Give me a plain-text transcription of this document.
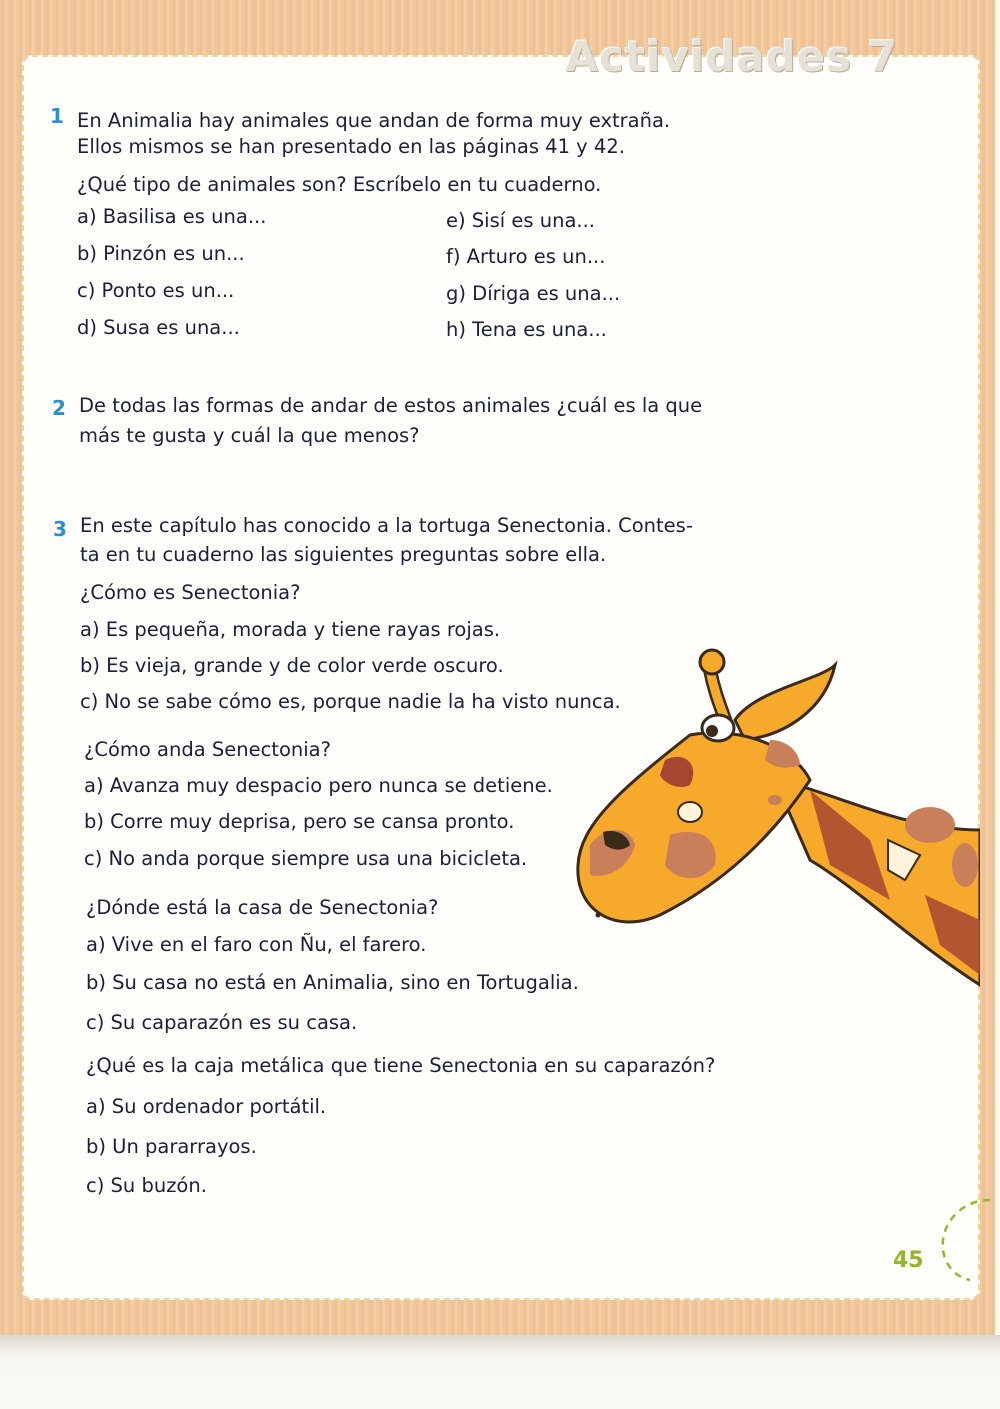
Actividades 7
1 En Animalia hay animales que andan de forma muy extraña.
Ellos mismos se han presentado en las páginas 41 y 42.
¿Qué tipo de animales son? Escríbelo en tu cuaderno.
a) Basilisa es una...
b) Pinzón es un...
c) Ponto es un...
d) Susa es una...
e) Sisí es una...
f) Arturo es un...
g) Díriga es una...
h) Tena es una...
2 De todas las formas de andar de estos animales ¿cuál es la que
más te gusta y cuál la que menos?
3 En este capítulo has conocido a la tortuga Senectonia. Contes-
ta en tu cuaderno las siguientes preguntas sobre ella.
¿Cómo es Senectonia?
a) Es pequeña, morada y tiene rayas rojas.
b) Es vieja, grande y de color verde oscuro.
c) No se sabe cómo es, porque nadie la ha visto nunca.
¿Cómo anda Senectonia?
a) Avanza muy despacio pero nunca se detiene.
b) Corre muy deprisa, pero se cansa pronto.
c) No anda porque siempre usa una bicicleta.
¿Dónde está la casa de Senectonia?
a) Vive en el faro con Ñu, el farero.
b) Su casa no está en Animalia, sino en Tortugalia.
c) Su caparazón es su casa.
¿Qué es la caja metálica que tiene Senectonia en su caparazón?
a) Su ordenador portátil.
b) Un pararrayos.
c) Su buzón.
45
